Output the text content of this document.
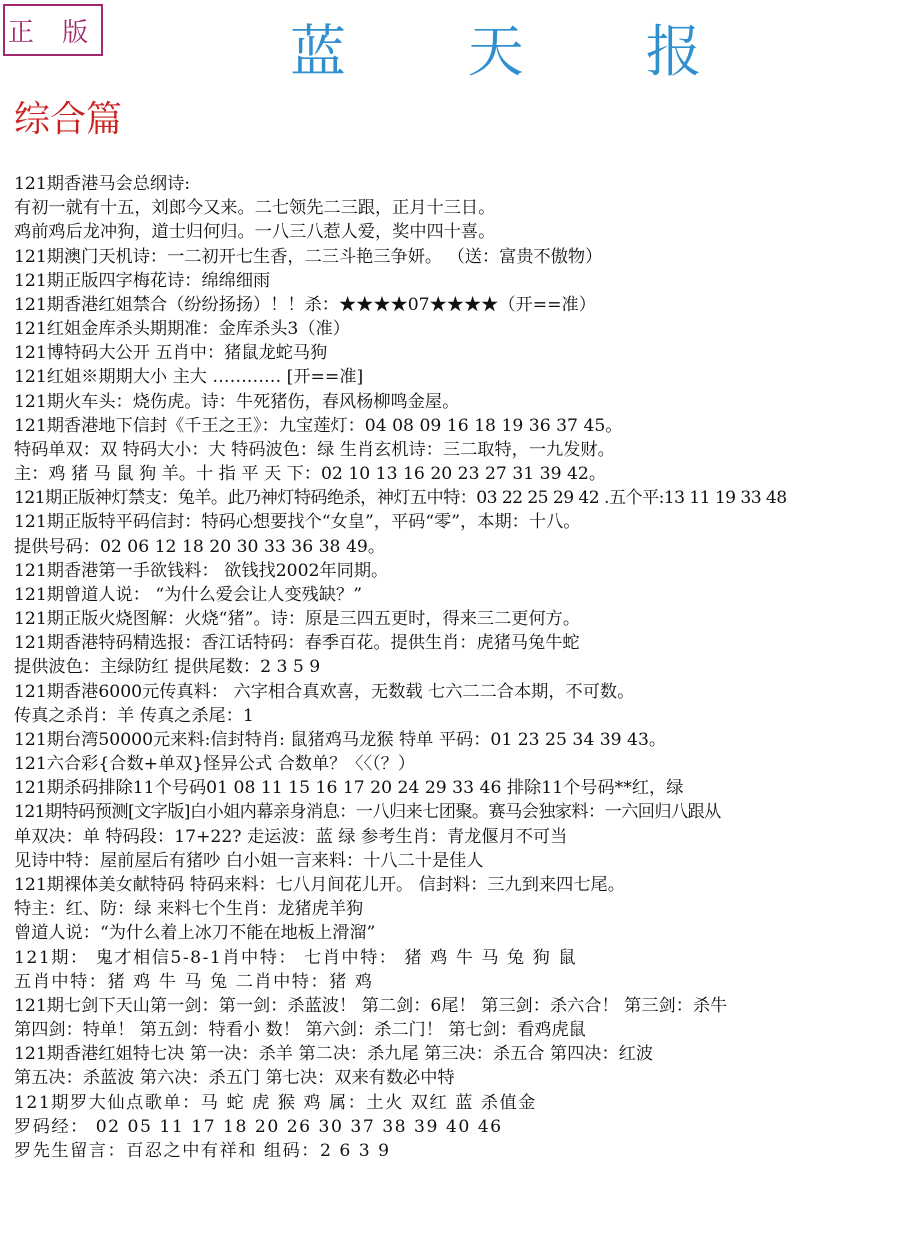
正 版	蓝 天 报
综合篇
121期香港马会总纲诗:
有初一就有十五，刘郎今又来。二七领先二三跟，正月十三日。
鸡前鸡后龙冲狗，道士归何归。一八三八惹人爱，奖中四十喜。
121期澳门天机诗：一二初开七生香，二三斗艳三争妍。 （送：富贵不傲物）
121期正版四字梅花诗：绵绵细雨
121期香港红姐禁合（纷纷扬扬）！！杀：★★★★07★★★★（开==准）
121红姐金库杀头期期准：金库杀头3（准）
121博特码大公开 五肖中：猪鼠龙蛇马狗
121红姐※期期大小 主大 ………… [开==准]
121期火车头：烧伤虎。诗：牛死猪伤，春风杨柳鸣金屋。
121期香港地下信封《千王之王》：九宝莲灯：04 08 09 16 18 19 36 37 45。
特码单双：双 特码大小：大 特码波色：绿 生肖玄机诗：三二取特，一九发财。
主：鸡 猪 马 鼠 狗 羊。十 指 平 天 下：02 10 13 16 20 23 27 31 39 42。
121期正版神灯禁支：兔羊。此乃神灯特码绝杀，神灯五中特：03 22 25 29 42 .五个平:13 11 19 33 48
121期正版特平码信封：特码心想要找个“女皇”，平码“零”，本期：十八。
提供号码：02 06 12 18 20 30 33 36 38 49。
121期香港第一手欲钱料： 欲钱找2002年同期。
121期曾道人说： “为什么爱会让人变残缺？”
121期正版火烧图解：火烧“猪”。诗：原是三四五更时，得来三二更何方。
121期香港特码精选报：香江话特码：春季百花。提供生肖：虎猪马兔牛蛇
提供波色：主绿防红 提供尾数：2 3 5 9
121期香港6000元传真料： 六字相合真欢喜，无数载 七六二二合本期，不可数。
传真之杀肖：羊 传真之杀尾：1
121期台湾50000元来料:信封特肖: 鼠猪鸡马龙猴 特单 平码：01 23 25 34 39 43。
121六合彩{合数+单双}怪异公式 合数单？〈〈（？）
121期杀码排除11个号码01 08 11 15 16 17 20 24 29 33 46 排除11个号码**红，绿
121期特码预测[文字版]白小姐内幕亲身消息：一八归来七团聚。赛马会独家料：一六回归八跟从
单双决：单 特码段：17+22? 走运波：蓝 绿 参考生肖：青龙偃月不可当
见诗中特：屋前屋后有猪吵 白小姐一言来料：十八二十是佳人
121期裸体美女献特码 特码来料：七八月间花儿开。 信封料：三九到来四七尾。
特主：红、防：绿 来料七个生肖：龙猪虎羊狗
曾道人说：“为什么着上冰刀不能在地板上滑溜”
121期： 鬼才相信5-8-1肖中特： 七肖中特： 猪 鸡 牛 马 兔 狗 鼠
五肖中特：猪 鸡 牛 马 兔 二肖中特：猪 鸡
121期七剑下天山第一剑：第一剑：杀蓝波！ 第二剑：6尾！ 第三剑：杀六合！ 第三剑：杀牛
第四剑：特单！ 第五剑：特看小 数！ 第六剑：杀二门！ 第七剑：看鸡虎鼠
121期香港红姐特七决 第一决：杀羊 第二决：杀九尾 第三决：杀五合 第四决：红波
第五决：杀蓝波 第六决：杀五门 第七决：双来有数必中特
121期罗大仙点歌单：马 蛇 虎 猴 鸡 属：土火 双红 蓝 杀值金
罗码经： 02 05 11 17 18 20 26 30 37 38 39 40 46
罗先生留言：百忍之中有祥和 组码：2 6 3 9
